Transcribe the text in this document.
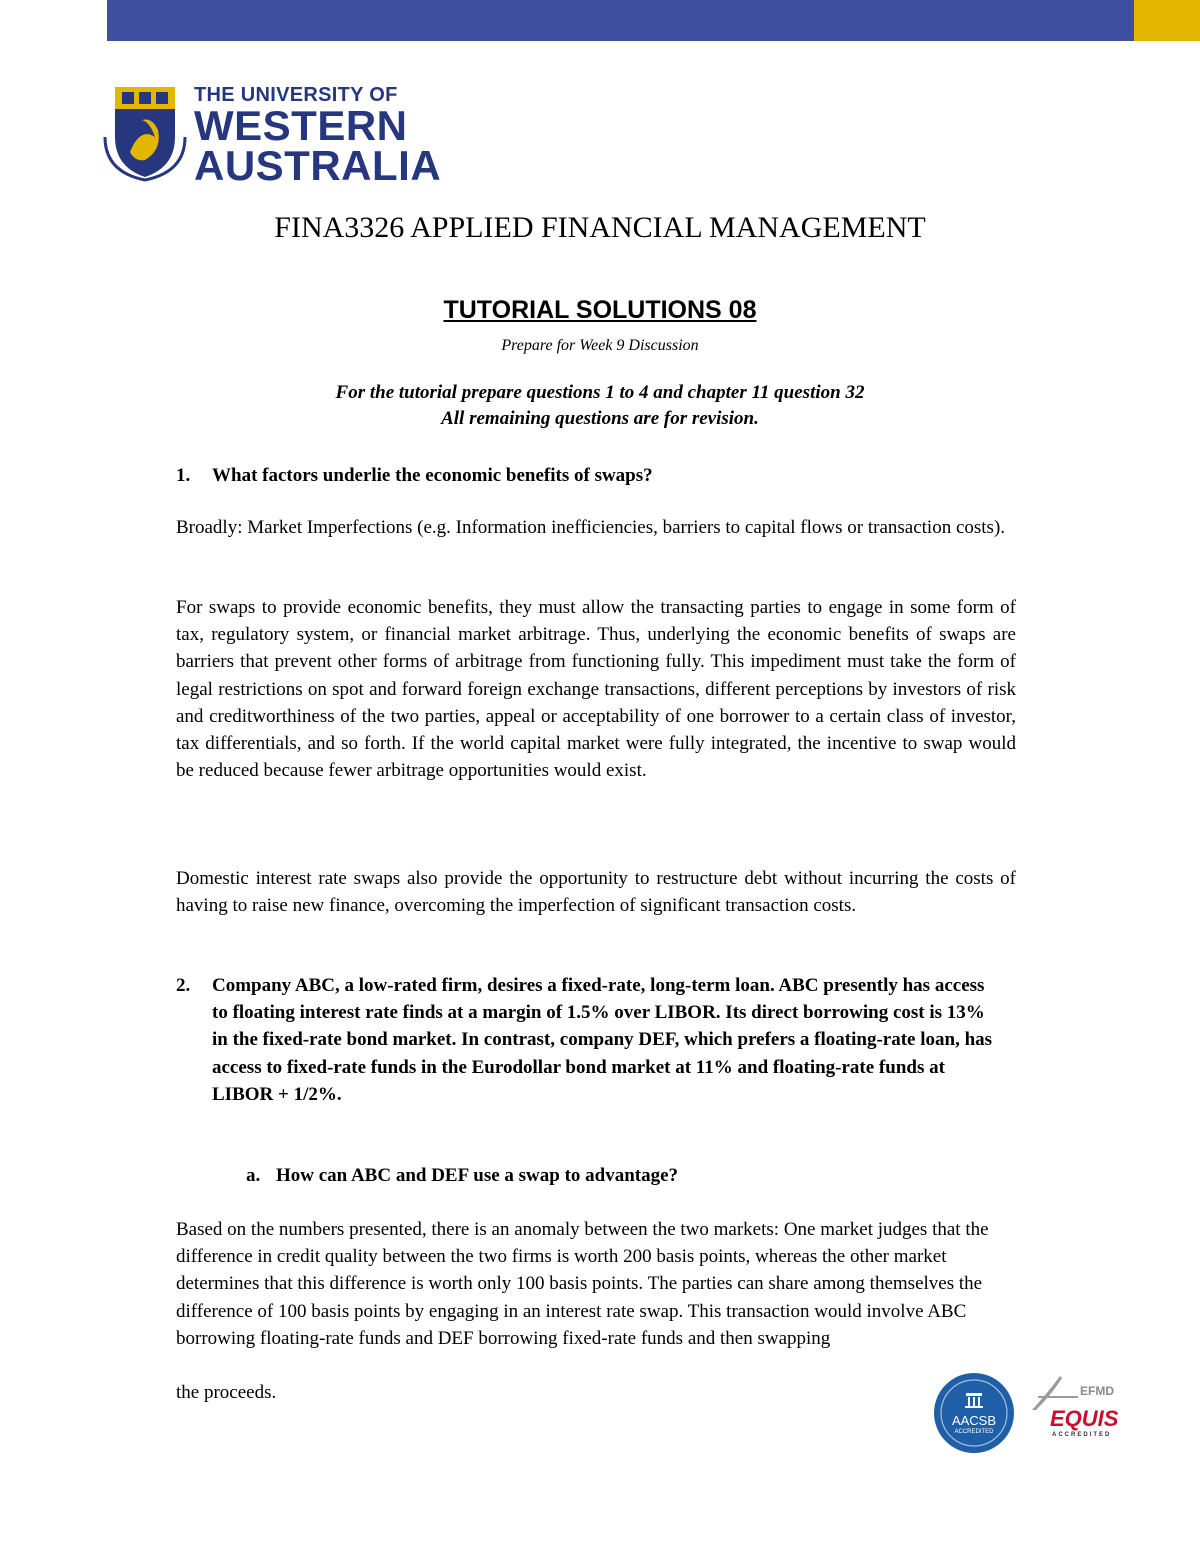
THE UNIVERSITY OF
WESTERN
AUSTRALIA
FINA3326 APPLIED FINANCIAL MANAGEMENT
TUTORIAL SOLUTIONS 08
Prepare for Week 9 Discussion
For the tutorial prepare questions 1 to 4 and chapter 11 question 32
All remaining questions are for revision.
1. What factors underlie the economic benefits of swaps?
Broadly: Market Imperfections (e.g. Information inefficiencies, barriers to capital flows or transaction costs).
For swaps to provide economic benefits, they must allow the transacting parties to engage in some form of tax, regulatory system, or financial market arbitrage. Thus, underlying the economic benefits of swaps are barriers that prevent other forms of arbitrage from functioning fully. This impediment must take the form of legal restrictions on spot and forward foreign exchange transactions, different perceptions by investors of risk and creditworthiness of the two parties, appeal or acceptability of one borrower to a certain class of investor, tax differentials, and so forth. If the world capital market were fully integrated, the incentive to swap would be reduced because fewer arbitrage opportunities would exist.
Domestic interest rate swaps also provide the opportunity to restructure debt without incurring the costs of having to raise new finance, overcoming the imperfection of significant transaction costs.
2. Company ABC, a low-rated firm, desires a fixed-rate, long-term loan. ABC presently has access to floating interest rate finds at a margin of 1.5% over LIBOR. Its direct borrowing cost is 13% in the fixed-rate bond market. In contrast, company DEF, which prefers a floating-rate loan, has access to fixed-rate funds in the Eurodollar bond market at 11% and floating-rate funds at LIBOR + 1/2%.
a. How can ABC and DEF use a swap to advantage?
Based on the numbers presented, there is an anomaly between the two markets: One market judges that the difference in credit quality between the two firms is worth 200 basis points, whereas the other market determines that this difference is worth only 100 basis points. The parties can share among themselves the difference of 100 basis points by engaging in an interest rate swap. This transaction would involve ABC borrowing floating-rate funds and DEF borrowing fixed-rate funds and then swapping
the proceeds.
AACSB
ACCREDITED
EFMD
EQUIS
ACCREDITED
